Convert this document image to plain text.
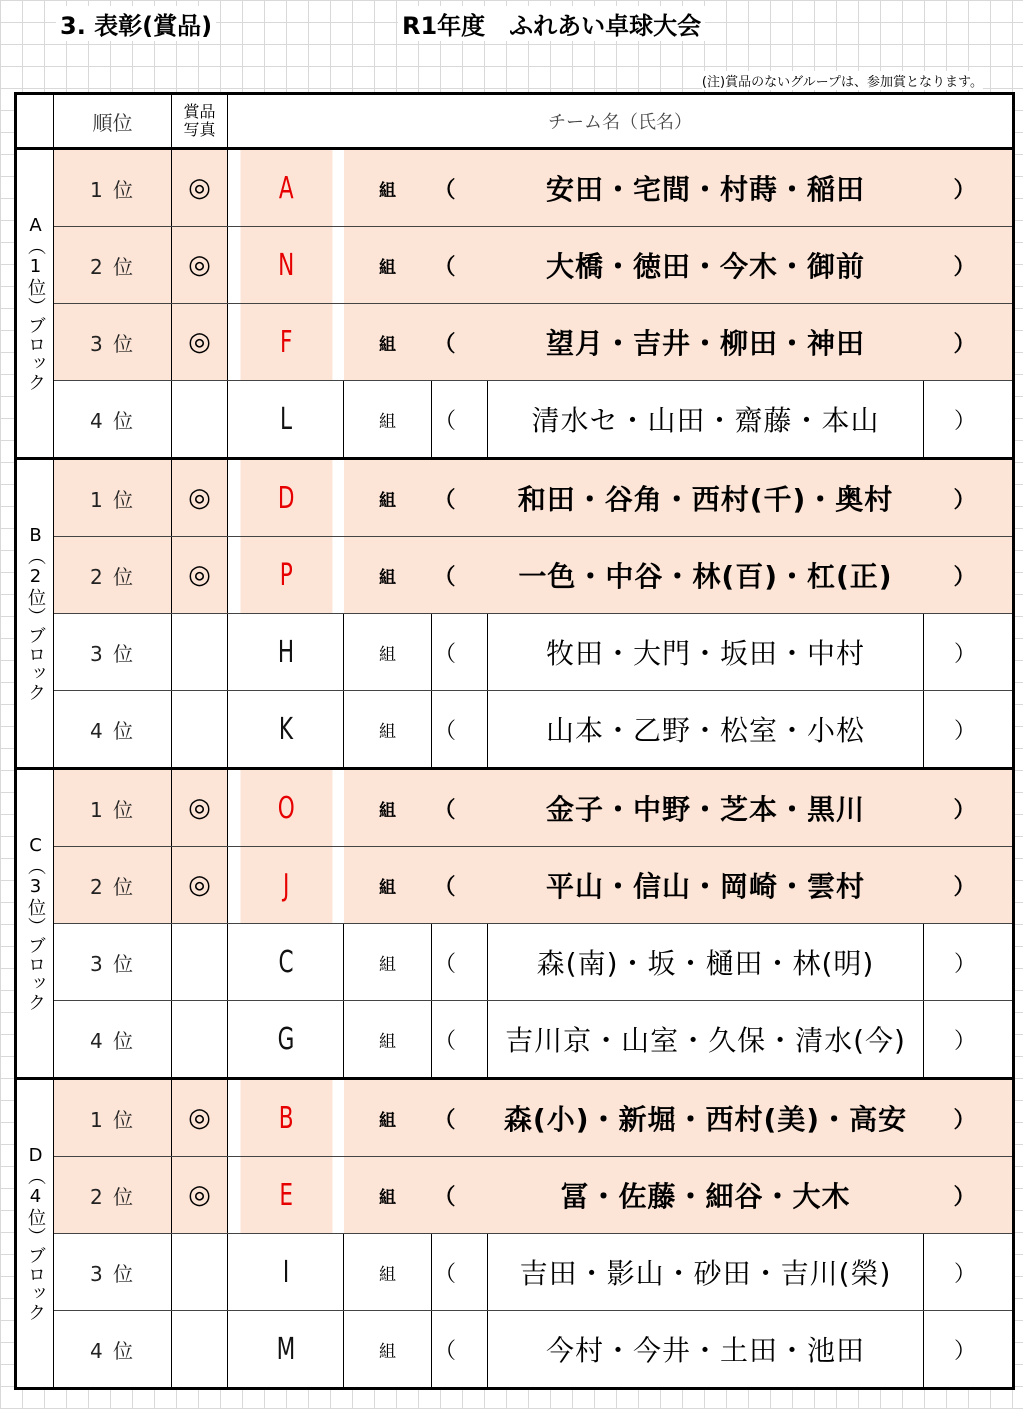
3. 表彰(賞品)	R1年度　ふれあい卓球大会
(注)賞品のないグループは、参加賞となります。
	順位	賞品
写真	チーム名（氏名）				
A（1位）ブロック	1 位	◎	A	組	（	安田・宅間・村蒔・稲田	）
	2 位	◎	N	組	（	大橋・徳田・今木・御前	）
	3 位	◎	F	組	（	望月・吉井・柳田・神田	）
	4 位		L	組	（	清水セ・山田・齋藤・本山	）
B（2位）ブロック	1 位	◎	D	組	（	和田・谷角・西村(千)・奥村	）
	2 位	◎	P	組	（	一色・中谷・林(百)・杠(正)	）
	3 位		H	組	（	牧田・大門・坂田・中村	）
	4 位		K	組	（	山本・乙野・松室・小松	）
C（3位）ブロック	1 位	◎	O	組	（	金子・中野・芝本・黒川	）
	2 位	◎	J	組	（	平山・信山・岡崎・雲村	）
	3 位		C	組	（	森(南)・坂・樋田・林(明)	）
	4 位		G	組	（	吉川京・山室・久保・清水(今)	）
D（4位）ブロック	1 位	◎	B	組	（	森(小)・新堀・西村(美)・高安	）
	2 位	◎	E	組	（	冨・佐藤・細谷・大木	）
	3 位		I	組	（	吉田・影山・砂田・吉川(榮)	）
	4 位		M	組	（	今村・今井・土田・池田	）
